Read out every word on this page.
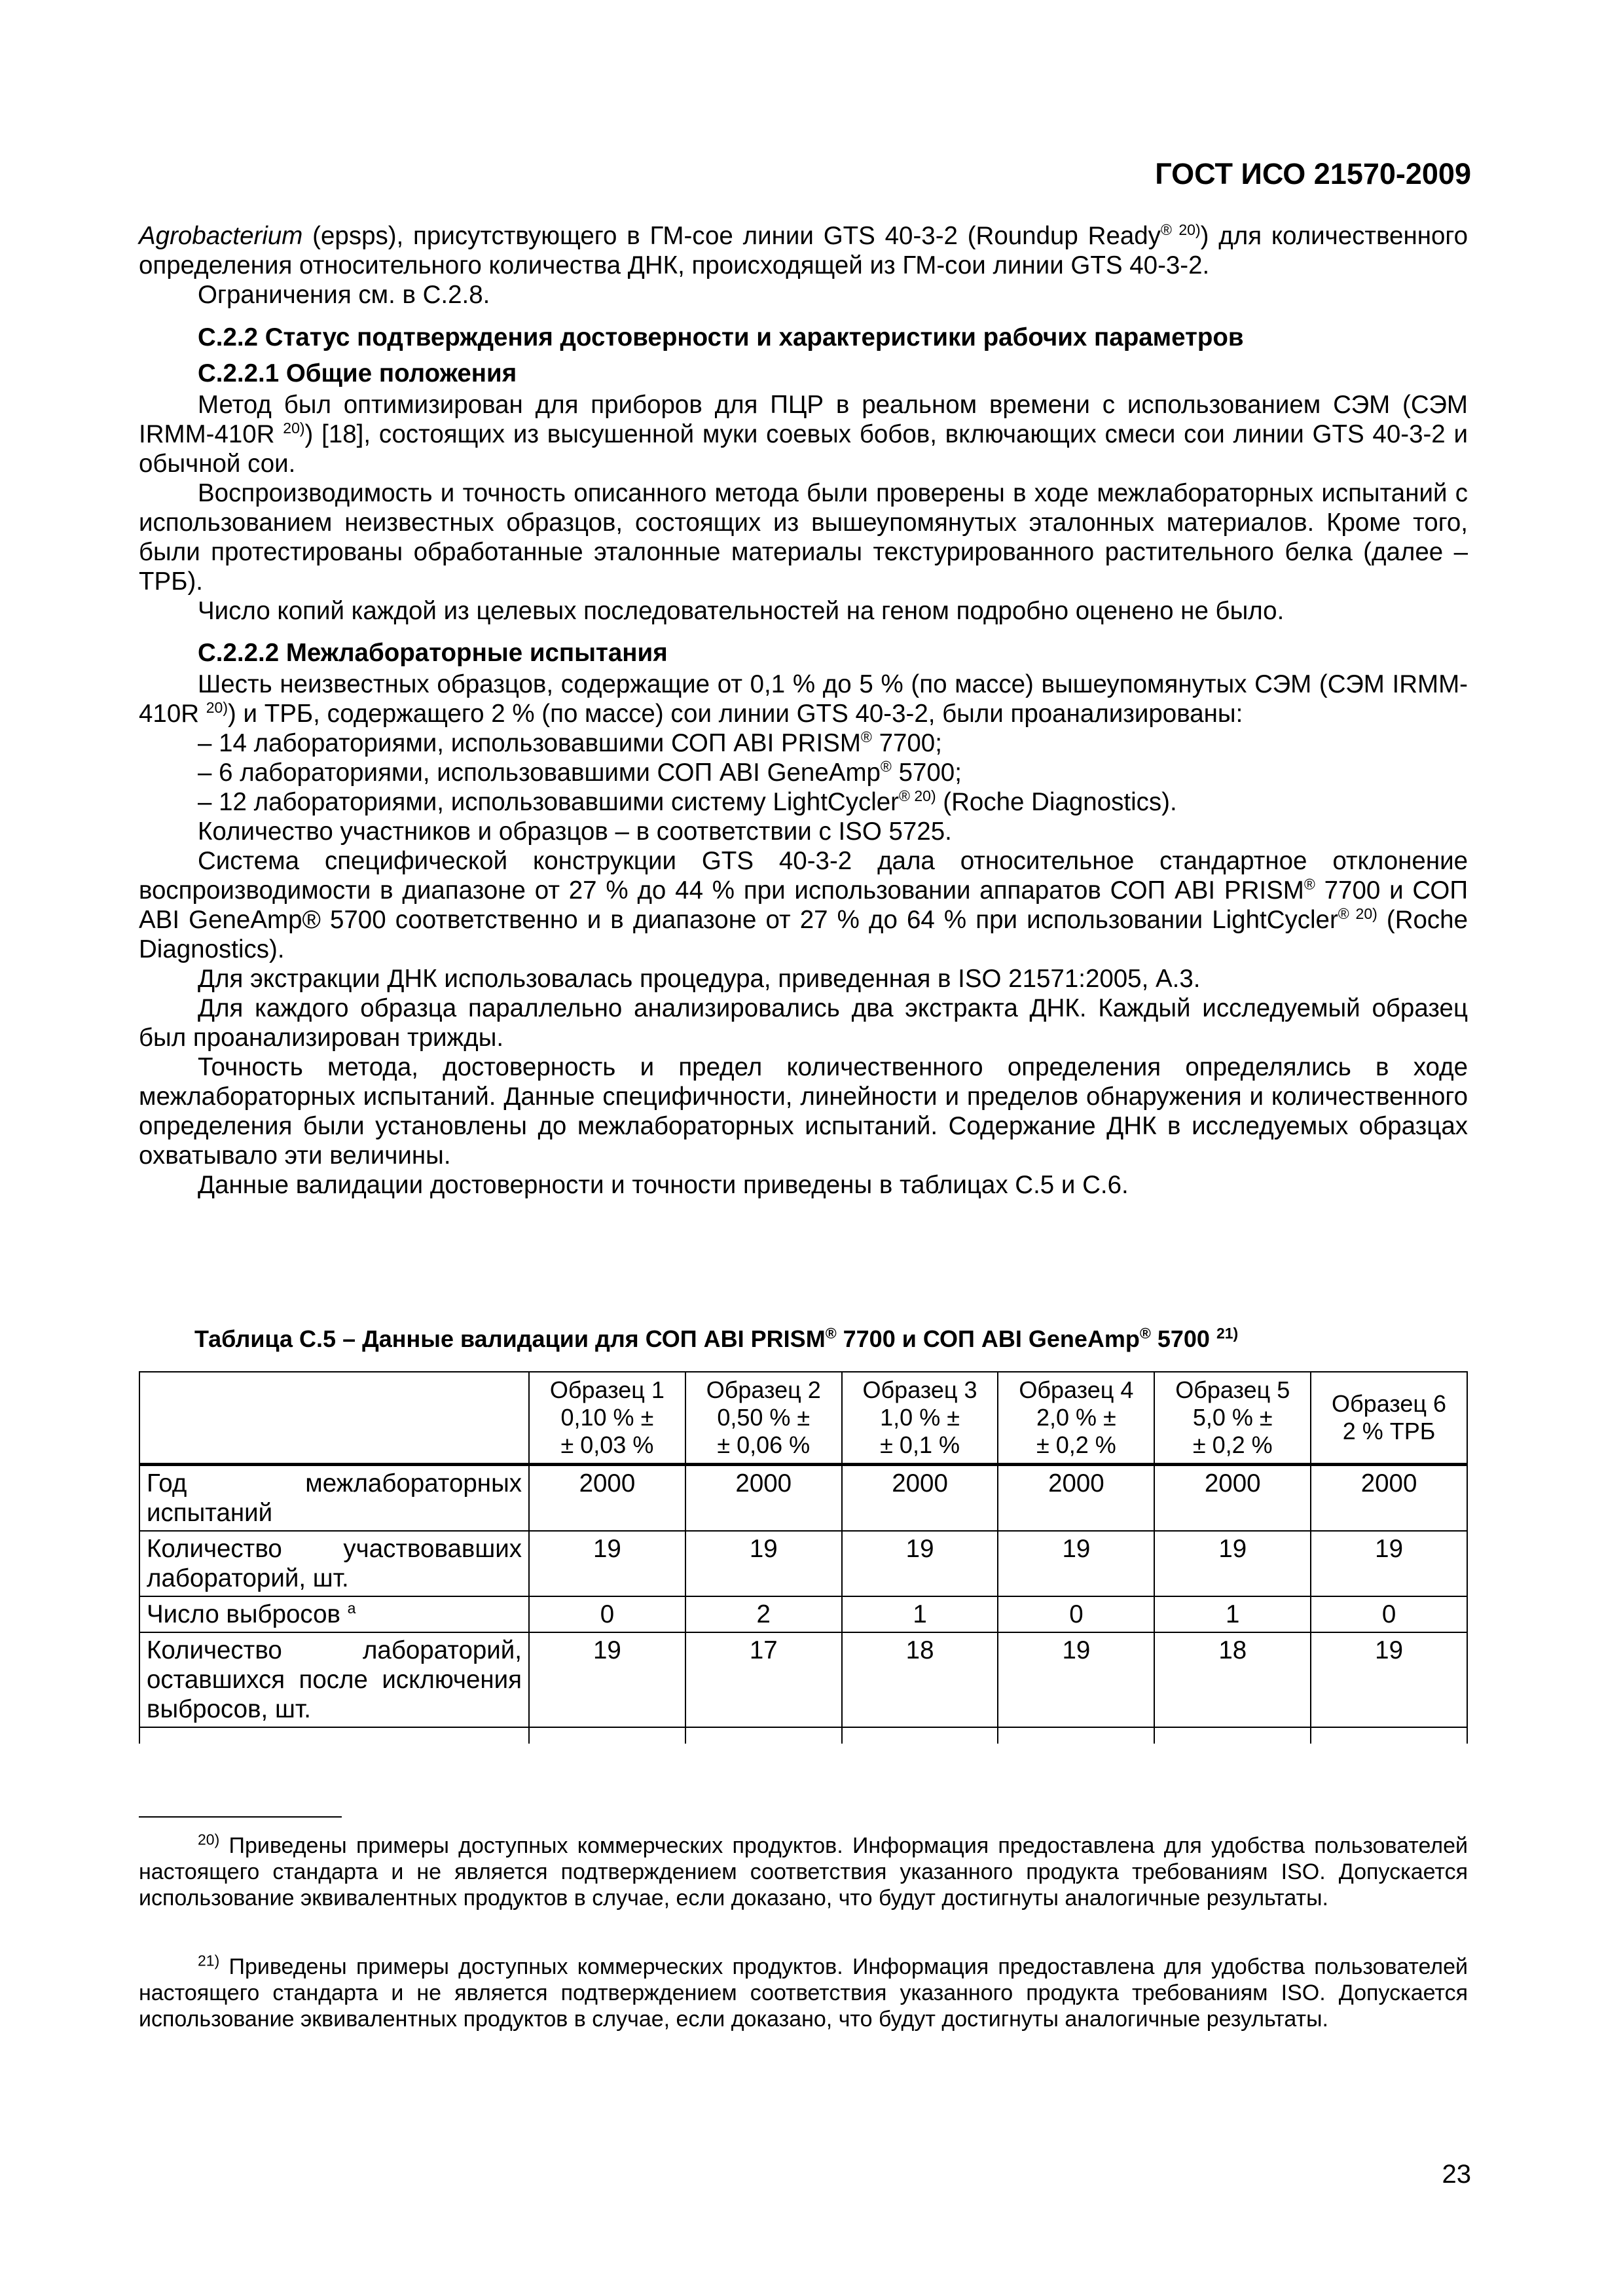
ГОСТ ИСО 21570-2009

Agrobacterium (epsps), присутствующего в ГМ-сое линии GTS 40-3-2 (Roundup Ready® $^{20)}$) для количественного определения относительного количества ДНК, происходящей из ГМ-сои линии GTS 40-3-2.

Ограничения см. в С.2.8.

С.2.2 Статус подтверждения достоверности и характеристики рабочих параметров

С.2.2.1 Общие положения

Метод был оптимизирован для приборов для ПЦР в реальном времени с использованием СЭМ (СЭМ IRMM-410R $^{20)}$) [18], состоящих из высушенной муки соевых бобов, включающих смеси сои линии GTS 40-3-2 и обычной сои.

Воспроизводимость и точность описанного метода были проверены в ходе межлабораторных испытаний с использованием неизвестных образцов, состоящих из вышеупомянутых эталонных материалов. Кроме того, были протестированы обработанные эталонные материалы текстурированного растительного белка (далее – ТРБ).

Число копий каждой из целевых последовательностей на геном подробно оценено не было.

С.2.2.2 Межлабораторные испытания

Шесть неизвестных образцов, содержащие от 0,1 % до 5 % (по массе) вышеупомянутых СЭМ (СЭМ IRMM-410R $^{20)}$) и ТРБ, содержащего 2 % (по массе) сои линии GTS 40-3-2, были проанализированы:

– 14 лабораториями, использовавшими СОП ABI PRISM® 7700;

– 6 лабораториями, использовавшими СОП ABI GeneAmp® 5700;

– 12 лабораториями, использовавшими систему LightCycler® $^{20)}$ (Roche Diagnostics).

Количество участников и образцов – в соответствии с ISO 5725.

Система специфической конструкции GTS 40-3-2 дала относительное стандартное отклонение воспроизводимости в диапазоне от 27 % до 44 % при использовании аппаратов СОП ABI PRISM® 7700 и СОП ABI GeneAmp® 5700 соответственно и в диапазоне от 27 % до 64 % при использовании LightCycler® $^{20)}$ (Roche Diagnostics).

Для экстракции ДНК использовалась процедура, приведенная в ISO 21571:2005, А.3.

Для каждого образца параллельно анализировались два экстракта ДНК. Каждый исследуемый образец был проанализирован трижды.

Точность метода, достоверность и предел количественного определения определялись в ходе межлабораторных испытаний. Данные специфичности, линейности и пределов обнаружения и количественного определения были установлены до межлабораторных испытаний. Содержание ДНК в исследуемых образцах охватывало эти величины.

Данные валидации достоверности и точности приведены в таблицах С.5 и С.6.

Таблица С.5 – Данные валидации для СОП ABI PRISM® 7700 и СОП ABI GeneAmp® 5700 $^{21)}$
	Образец 1
0,10 % ±
± 0,03 %	Образец 2
0,50 % ±
± 0,06 %	Образец 3
1,0 % ±
± 0,1 %	Образец 4
2,0 % ±
± 0,2 %	Образец 5
5,0 % ±
± 0,2 %	Образец 6
2 % ТРБ
Год межлабораторных испытаний	2000	2000	2000	2000	2000	2000
Количество участвовавших лабораторий, шт.	19	19	19	19	19	19
Число выбросов $^а$	0	2	1	0	1	0
Количество лабораторий, оставшихся после исключения выбросов, шт.	19	17	18	19	18	19

$^{20)}$ Приведены примеры доступных коммерческих продуктов. Информация предоставлена для удобства пользователей настоящего стандарта и не является подтверждением соответствия указанного продукта требованиям ISO. Допускается использование эквивалентных продуктов в случае, если доказано, что будут достигнуты аналогичные результаты.

$^{21)}$ Приведены примеры доступных коммерческих продуктов. Информация предоставлена для удобства пользователей настоящего стандарта и не является подтверждением соответствия указанного продукта требованиям ISO. Допускается использование эквивалентных продуктов в случае, если доказано, что будут достигнуты аналогичные результаты.

23
